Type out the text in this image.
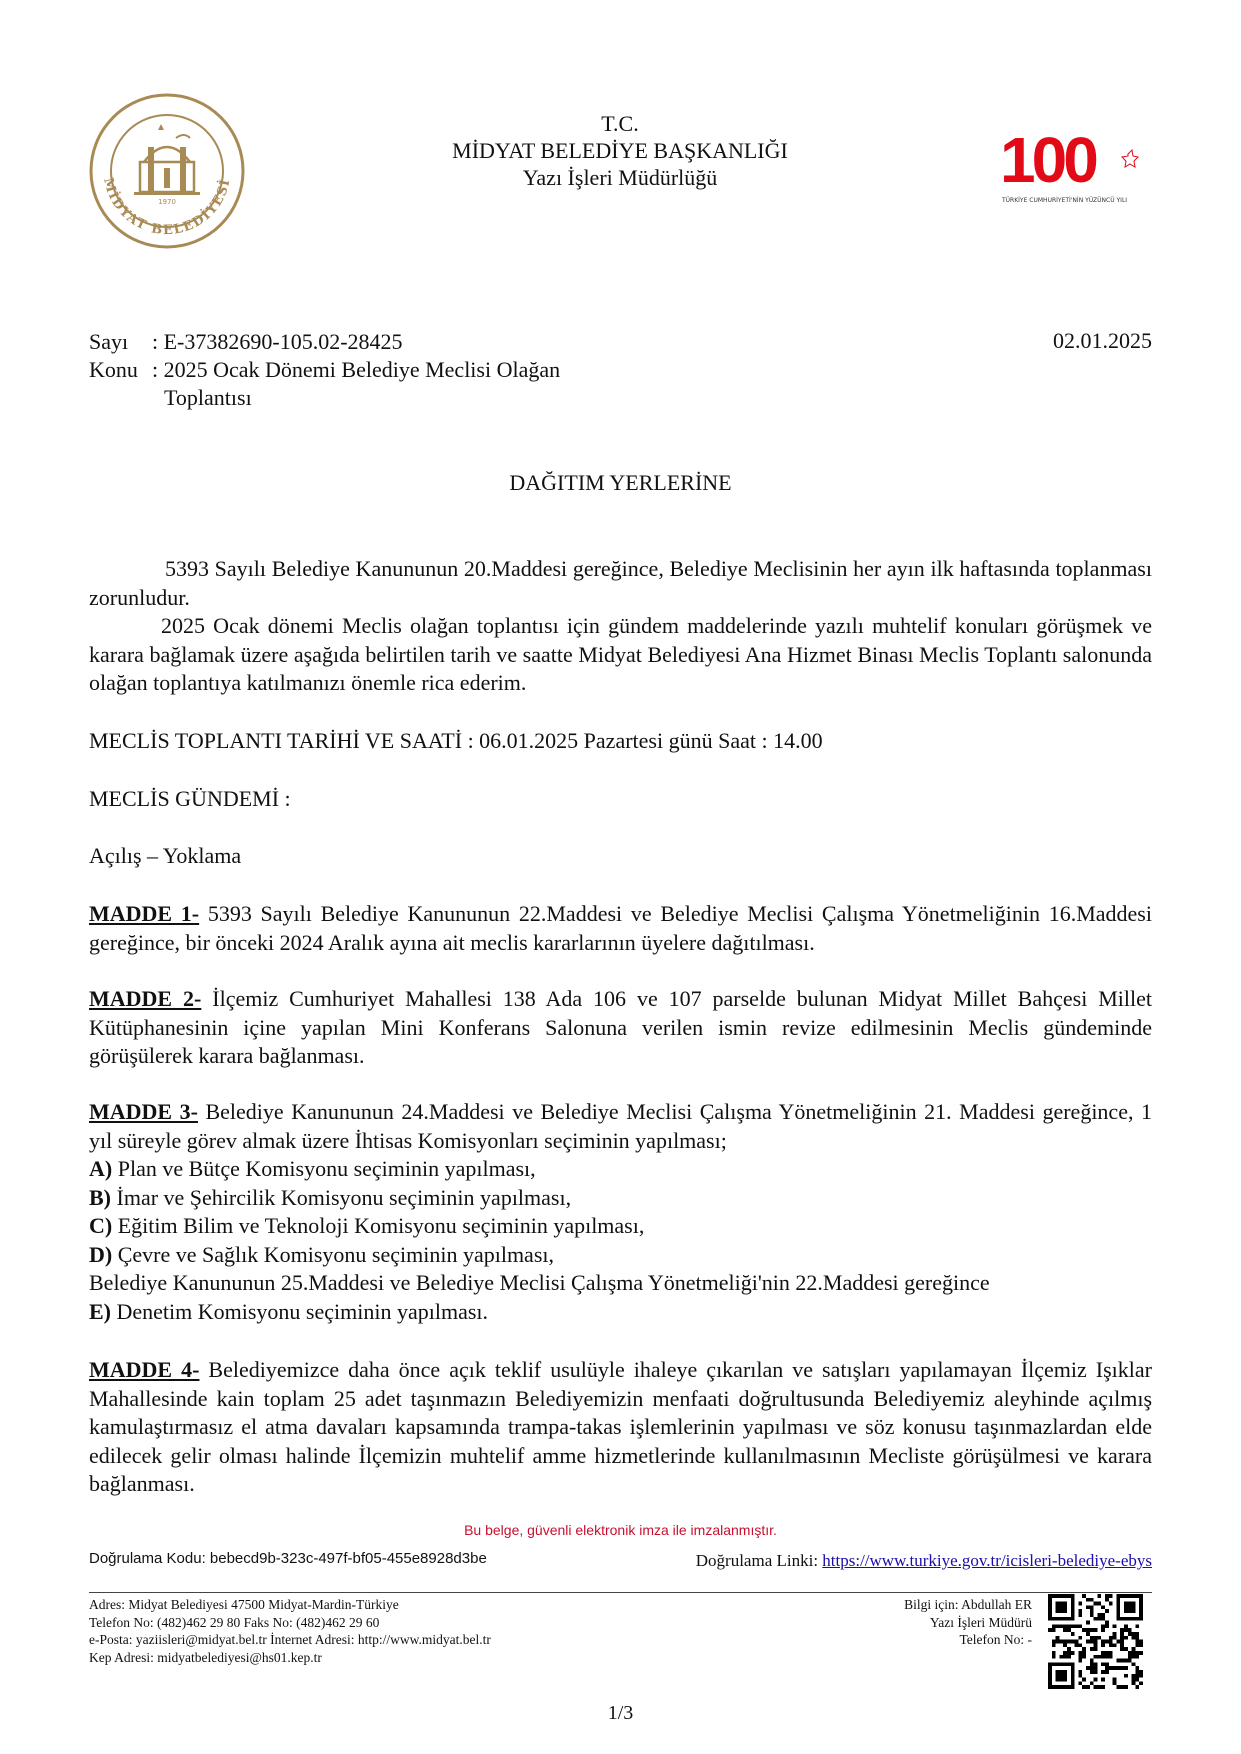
1970
MİDYAT BELEDİYESİ
T.C.
MİDYAT BELEDİYE BAŞKANLIĞI
Yazı İşleri Müdürlüğü	100
TÜRKİYE CUMHURİYETİ'NİN YÜZÜNCÜ YILI
Sayı	: E-37382690-105.02-28425
Konu : 2025 Ocak Dönemi Belediye Meclisi Olağan
Toplantısı
02.01.2025
DAĞITIM YERLERİNE
5393 Sayılı Belediye Kanununun 20.Maddesi gereğince, Belediye Meclisinin her ayın ilk haftasında toplanması zorunludur.
2025 Ocak dönemi Meclis olağan toplantısı için gündem maddelerinde yazılı muhtelif konuları görüşmek ve karara bağlamak üzere aşağıda belirtilen tarih ve saatte Midyat Belediyesi Ana Hizmet Binası Meclis Toplantı salonunda olağan toplantıya katılmanızı önemle rica ederim.
MECLİS TOPLANTI TARİHİ VE SAATİ : 06.01.2025 Pazartesi günü Saat : 14.00
MECLİS GÜNDEMİ :
Açılış – Yoklama
MADDE 1- 5393 Sayılı Belediye Kanununun 22.Maddesi ve Belediye Meclisi Çalışma Yönetmeliğinin 16.Maddesi gereğince, bir önceki 2024 Aralık ayına ait meclis kararlarının üyelere dağıtılması.
MADDE 2- İlçemiz Cumhuriyet Mahallesi 138 Ada 106 ve 107 parselde bulunan Midyat Millet Bahçesi Millet Kütüphanesinin içine yapılan Mini Konferans Salonuna verilen ismin revize edilmesinin Meclis gündeminde görüşülerek karara bağlanması.
MADDE 3- Belediye Kanununun 24.Maddesi ve Belediye Meclisi Çalışma Yönetmeliğinin 21. Maddesi gereğince, 1 yıl süreyle görev almak üzere İhtisas Komisyonları seçiminin yapılması;
A) Plan ve Bütçe Komisyonu seçiminin yapılması,
B) İmar ve Şehircilik Komisyonu seçiminin yapılması,
C) Eğitim Bilim ve Teknoloji Komisyonu seçiminin yapılması,
D) Çevre ve Sağlık Komisyonu seçiminin yapılması,
Belediye Kanununun 25.Maddesi ve Belediye Meclisi Çalışma Yönetmeliği'nin 22.Maddesi gereğince
E) Denetim Komisyonu seçiminin yapılması.
MADDE 4- Belediyemizce daha önce açık teklif usulüyle ihaleye çıkarılan ve satışları yapılamayan İlçemiz Işıklar Mahallesinde kain toplam 25 adet taşınmazın Belediyemizin menfaati doğrultusunda Belediyemiz aleyhinde açılmış kamulaştırmasız el atma davaları kapsamında trampa-takas işlemlerinin yapılması ve söz konusu taşınmazlardan elde edilecek gelir olması halinde İlçemizin muhtelif amme hizmetlerinde kullanılmasının Mecliste görüşülmesi ve karara bağlanması.
Bu belge, güvenli elektronik imza ile imzalanmıştır.
Doğrulama Kodu: bebecd9b-323c-497f-bf05-455e8928d3be	Doğrulama Linki: https://www.turkiye.gov.tr/icisleri-belediye-ebys
Adres: Midyat Belediyesi 47500 Midyat-Mardin-Türkiye
Telefon No: (482)462 29 80 Faks No: (482)462 29 60
e-Posta: yaziisleri@midyat.bel.tr İnternet Adresi: http://www.midyat.bel.tr
Kep Adresi: midyatbelediyesi@hs01.kep.tr
Bilgi için: Abdullah ER
Yazı İşleri Müdürü
Telefon No: -
1/3
